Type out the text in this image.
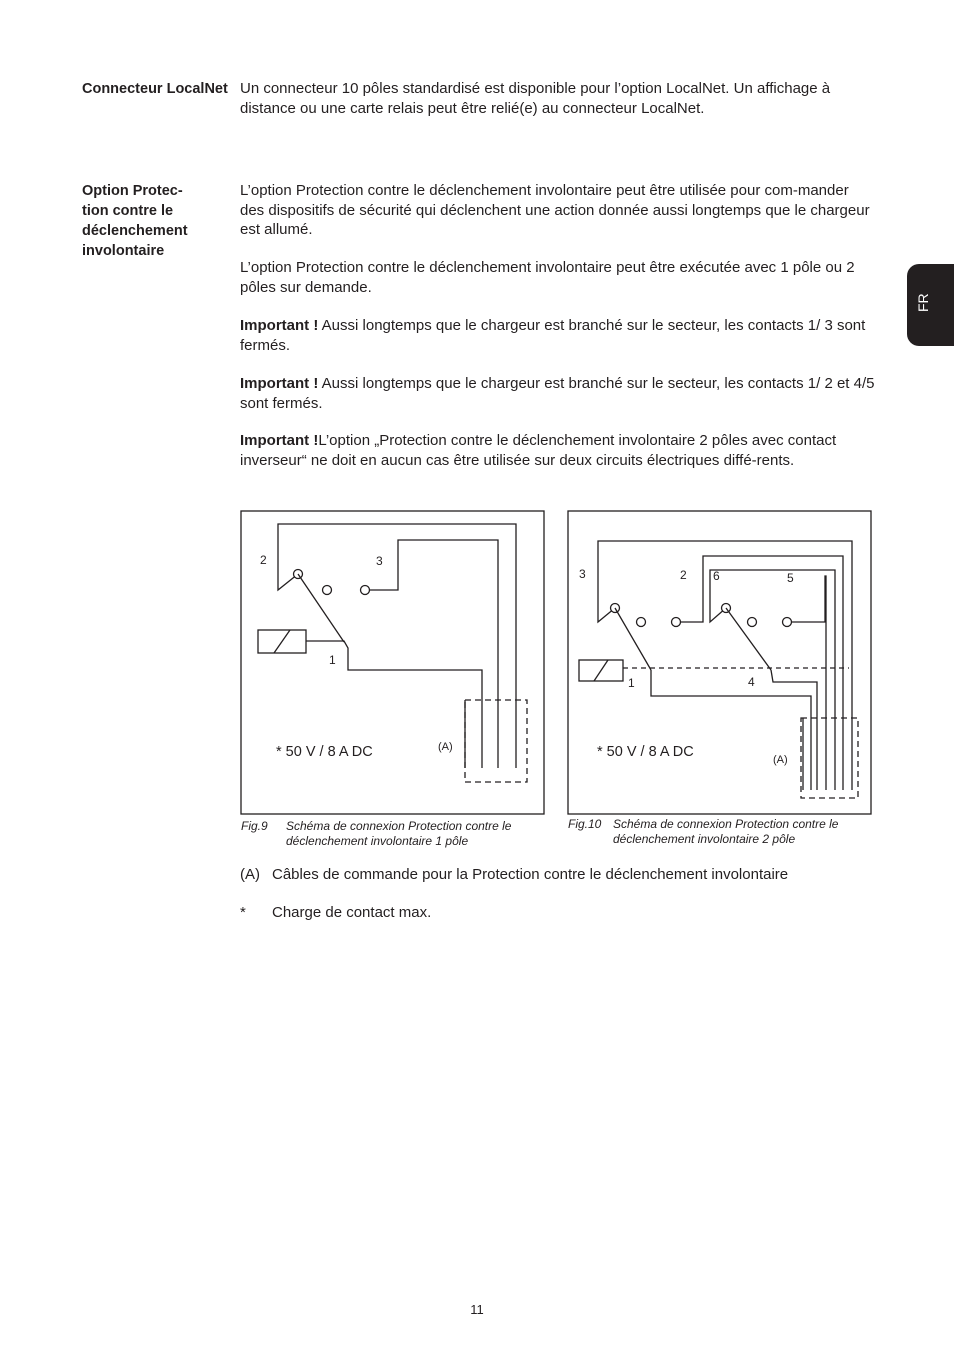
Connecteur LocalNet Un connecteur 10 pôles standardisé est disponible pour l’option LocalNet. Un affichage à distance ou une carte relais peut être relié(e) au connecteur LocalNet.
Option Protec-tion contre le déclenchement involontaire
L’option Protection contre le déclenchement involontaire peut être utilisée pour com-mander des dispositifs de sécurité qui déclenchent une action donnée aussi longtemps que le chargeur est allumé.
L’option Protection contre le déclenchement involontaire peut être exécutée avec 1 pôle ou 2 pôles sur demande.
Important ! Aussi longtemps que le chargeur est branché sur le secteur, les contacts 1/ 3 sont fermés.
Important ! Aussi longtemps que le chargeur est branché sur le secteur, les contacts 1/ 2 et 4/5 sont fermés.
Important !L’option „Protection contre le déclenchement involontaire 2 pôles avec contact inverseur“ ne doit en aucun cas être utilisée sur deux circuits électriques diffé-rents.
FR
2	3
1
* 50 V / 8 A DC	(A)
Fig.9 Schéma de connexion Protection contre le déclenchement involontaire 1 pôle
3	2 6	5
1	4
* 50 V / 8 A DC	(A)
Fig.10 Schéma de connexion Protection contre le déclenchement involontaire 2 pôle
(A) Câbles de commande pour la Protection contre le déclenchement involontaire
* Charge de contact max.
11
